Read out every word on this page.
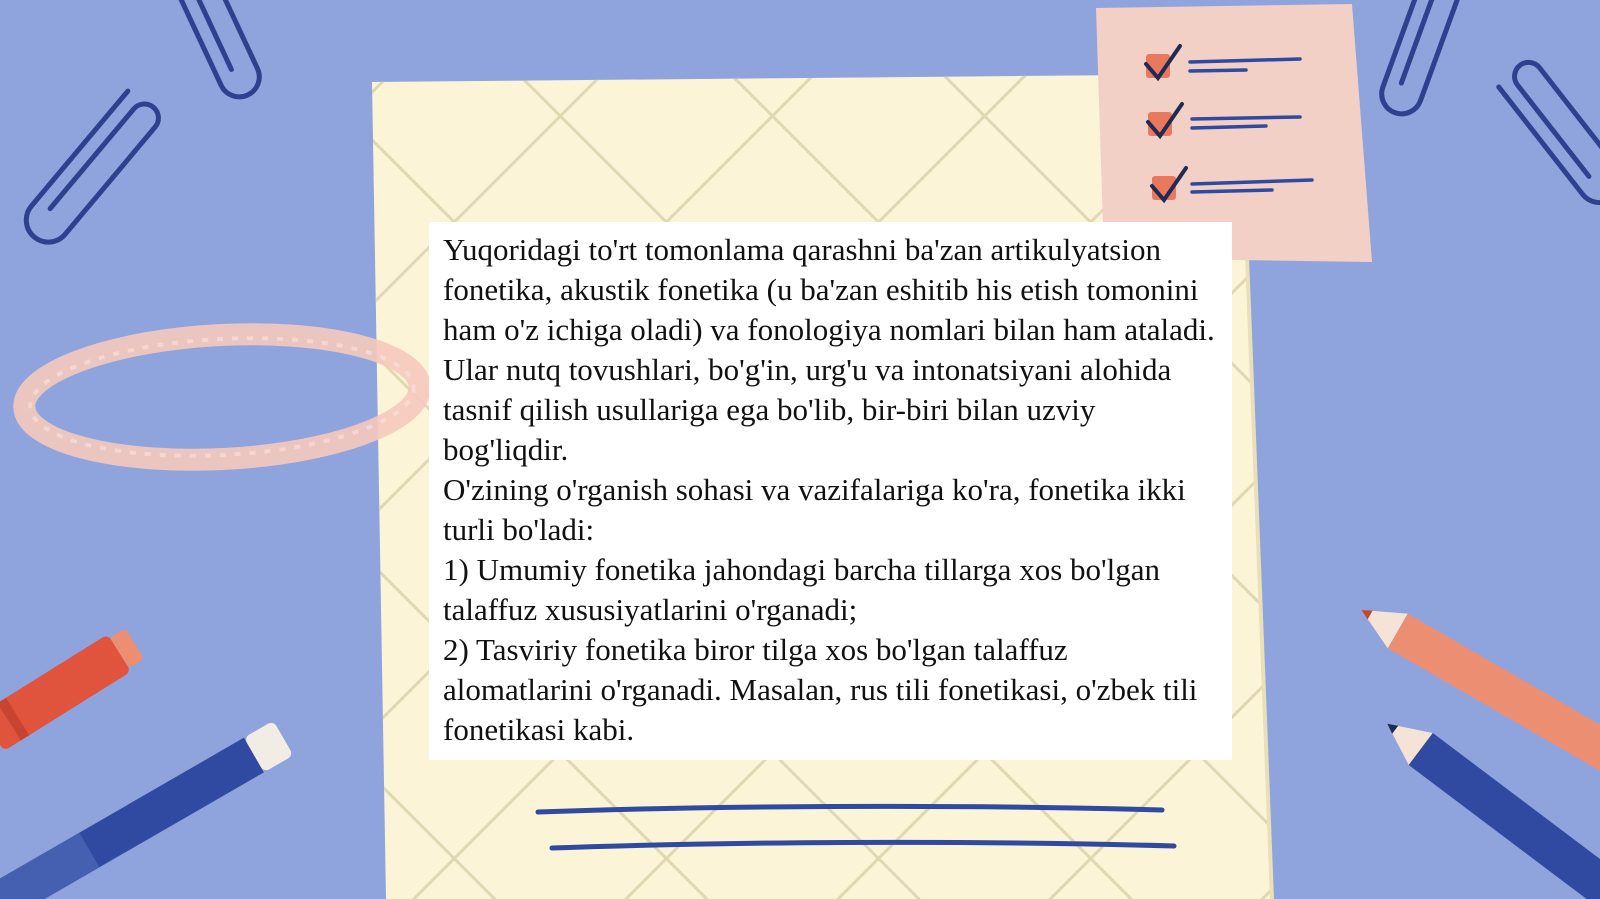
Yuqoridagi to'rt tomonlama qarashni ba'zan artikulyatsion fonetika, akustik fonetika (u ba'zan eshitib his etish tomonini ham o'z ichiga oladi) va fonologiya nomlari bilan ham ataladi. Ular nutq tovushlari, bo'g'in, urg'u va intonatsiyani alohida tasnif qilish usullariga ega bo'lib, bir-biri bilan uzviy bog'liqdir.

O'zining o'rganish sohasi va vazifalariga ko'ra, fonetika ikki turli bo'ladi:

1) Umumiy fonetika jahondagi barcha tillarga xos bo'lgan talaffuz xususiyatlarini o'rganadi;

2) Tasviriy fonetika biror tilga xos bo'lgan talaffuz alomatlarini o'rganadi. Masalan, rus tili fonetikasi, o'zbek tili fonetikasi kabi.
